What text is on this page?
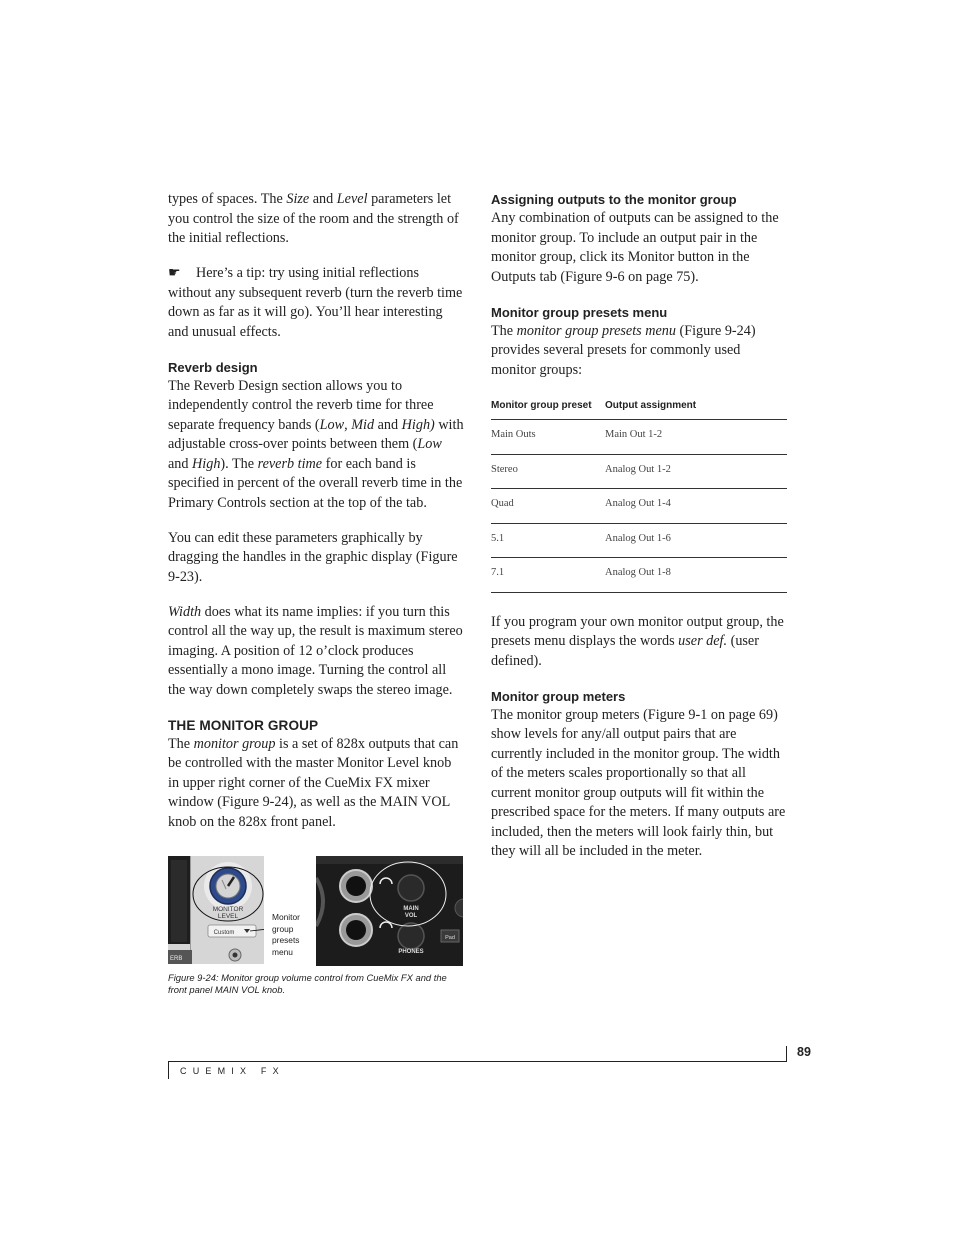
types of spaces. The Size and Level parameters let you control the size of the room and the strength of the initial reflections.

☛ Here’s a tip: try using initial reflections without any subsequent reverb (turn the reverb time down as far as it will go). You’ll hear interesting and unusual effects.

Reverb design

The Reverb Design section allows you to independently control the reverb time for three separate frequency bands (Low, Mid and High) with adjustable cross-over points between them (Low and High). The reverb time for each band is specified in percent of the overall reverb time in the Primary Controls section at the top of the tab.

You can edit these parameters graphically by dragging the handles in the graphic display (Figure 9-23).

Width does what its name implies: if you turn this control all the way up, the result is maximum stereo imaging. A position of 12 o’clock produces essentially a mono image. Turning the control all the way down completely swaps the stereo image.

THE MONITOR GROUP

The monitor group is a set of 828x outputs that can be controlled with the master Monitor Level knob in upper right corner of the CueMix FX mixer window (Figure 9-24), as well as the MAIN VOL knob on the 828x front panel.

Assigning outputs to the monitor group

Any combination of outputs can be assigned to the monitor group. To include an output pair in the monitor group, click its Monitor button in the Outputs tab (Figure 9-6 on page 75).

Monitor group presets menu

The monitor group presets menu (Figure 9-24) provides several presets for commonly used monitor groups:

Monitor group preset	Output assignment
Main Outs	Main Out 1-2
Stereo	Analog Out 1-2
Quad	Analog Out 1-4
5.1	Analog Out 1-6
7.1	Analog Out 1-8

If you program your own monitor output group, the presets menu displays the words user def. (user defined).

Monitor group meters

The monitor group meters (Figure 9-1 on page 69) show levels for any/all output pairs that are currently included in the monitor group. The width of the meters scales proportionally so that all current monitor group outputs will fit within the prescribed space for the meters. If many outputs are included, then the meters will look fairly thin, but they will all be included in the meter.

MONITOR
LEVEL
Custom
ERB
Monitor group presets menu
MAIN
VOL
PHONES
Pad
Figure 9-24: Monitor group volume control from CueMix FX and the front panel MAIN VOL knob.
89
CUEMIX FX
